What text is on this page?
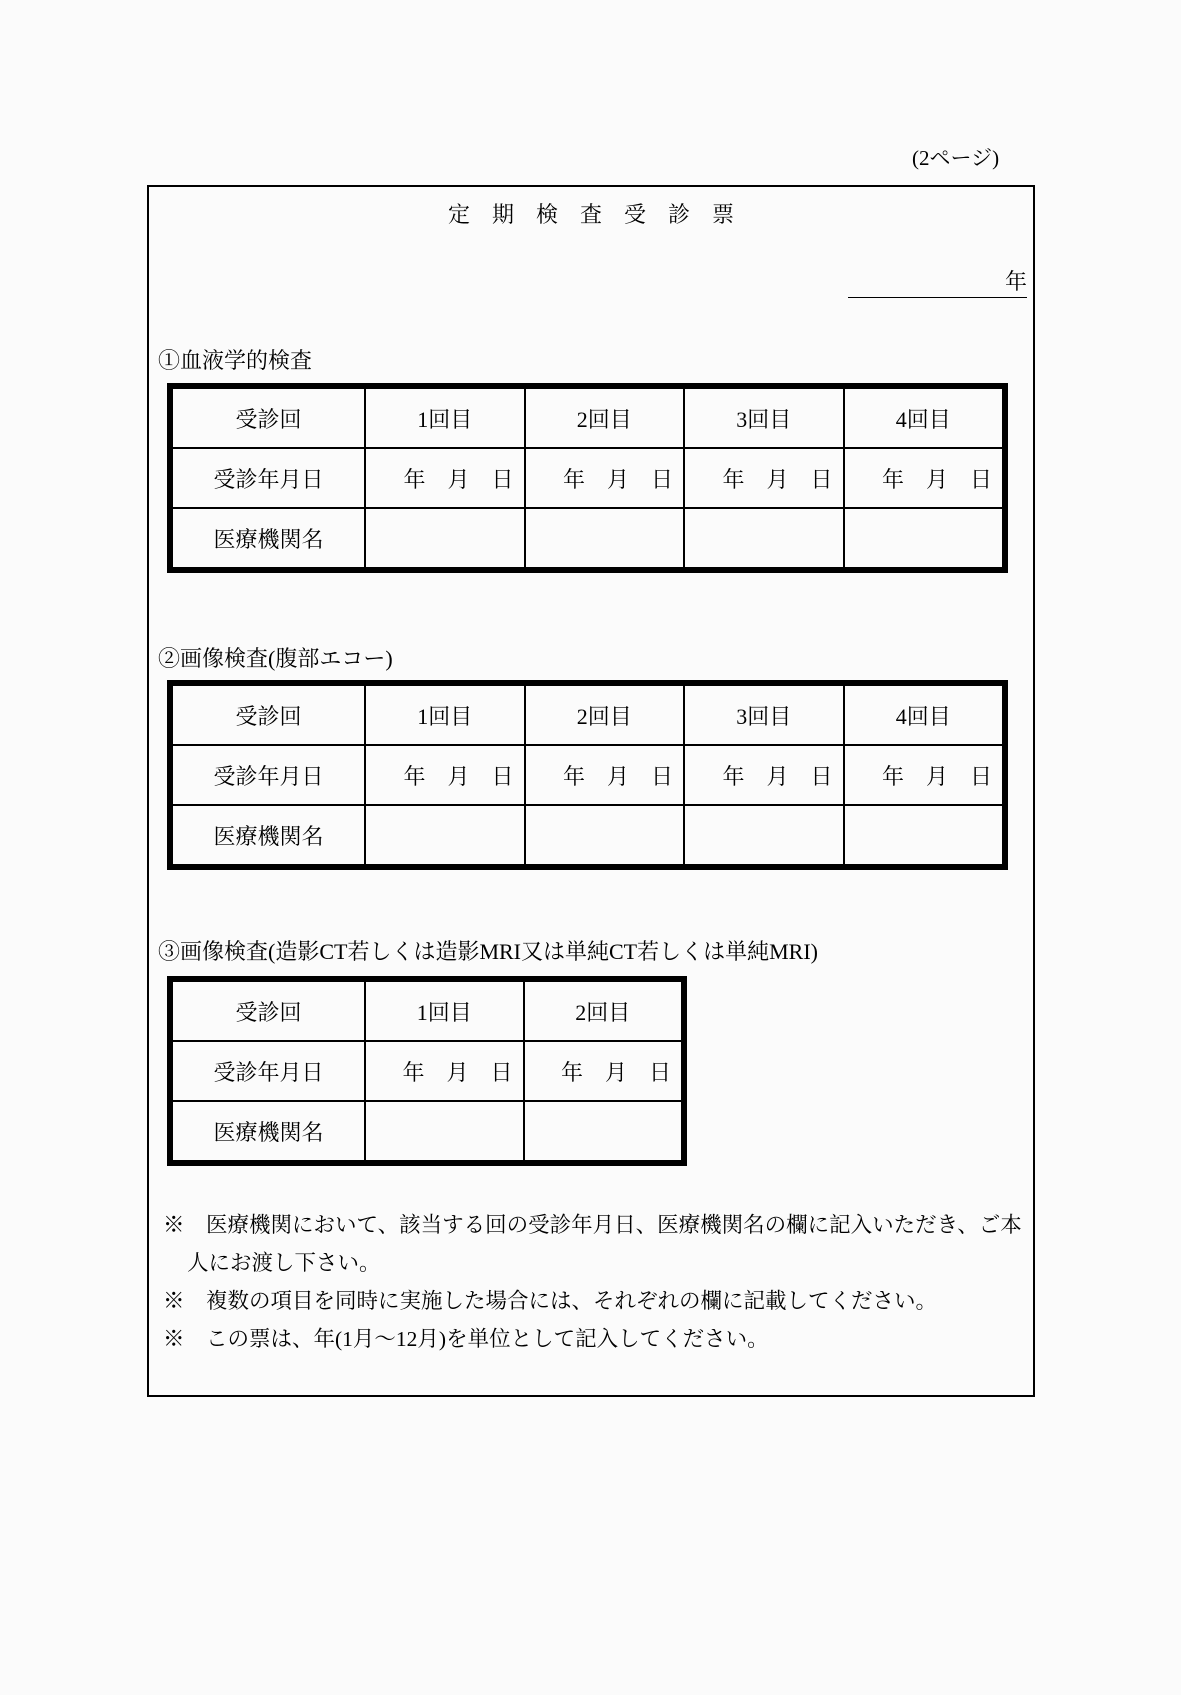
(2ページ)
定期検査受診票
年
①血液学的検査
受診回	1回目	2回目	3回目	4回目
受診年月日	年　月　日	年　月　日	年　月　日	年　月　日
医療機関名				
②画像検査(腹部エコー)
受診回	1回目	2回目	3回目	4回目
受診年月日	年　月　日	年　月　日	年　月　日	年　月　日
医療機関名				
③画像検査(造影CT若しくは造影MRI又は単純CT若しくは単純MRI)
受診回	1回目	2回目
受診年月日	年　月　日	年　月　日
医療機関名		
※　医療機関において、該当する回の受診年月日、医療機関名の欄に記入いただき、ご本
人にお渡し下さい。
※　複数の項目を同時に実施した場合には、それぞれの欄に記載してください。
※　この票は、年(1月～12月)を単位として記入してください。
